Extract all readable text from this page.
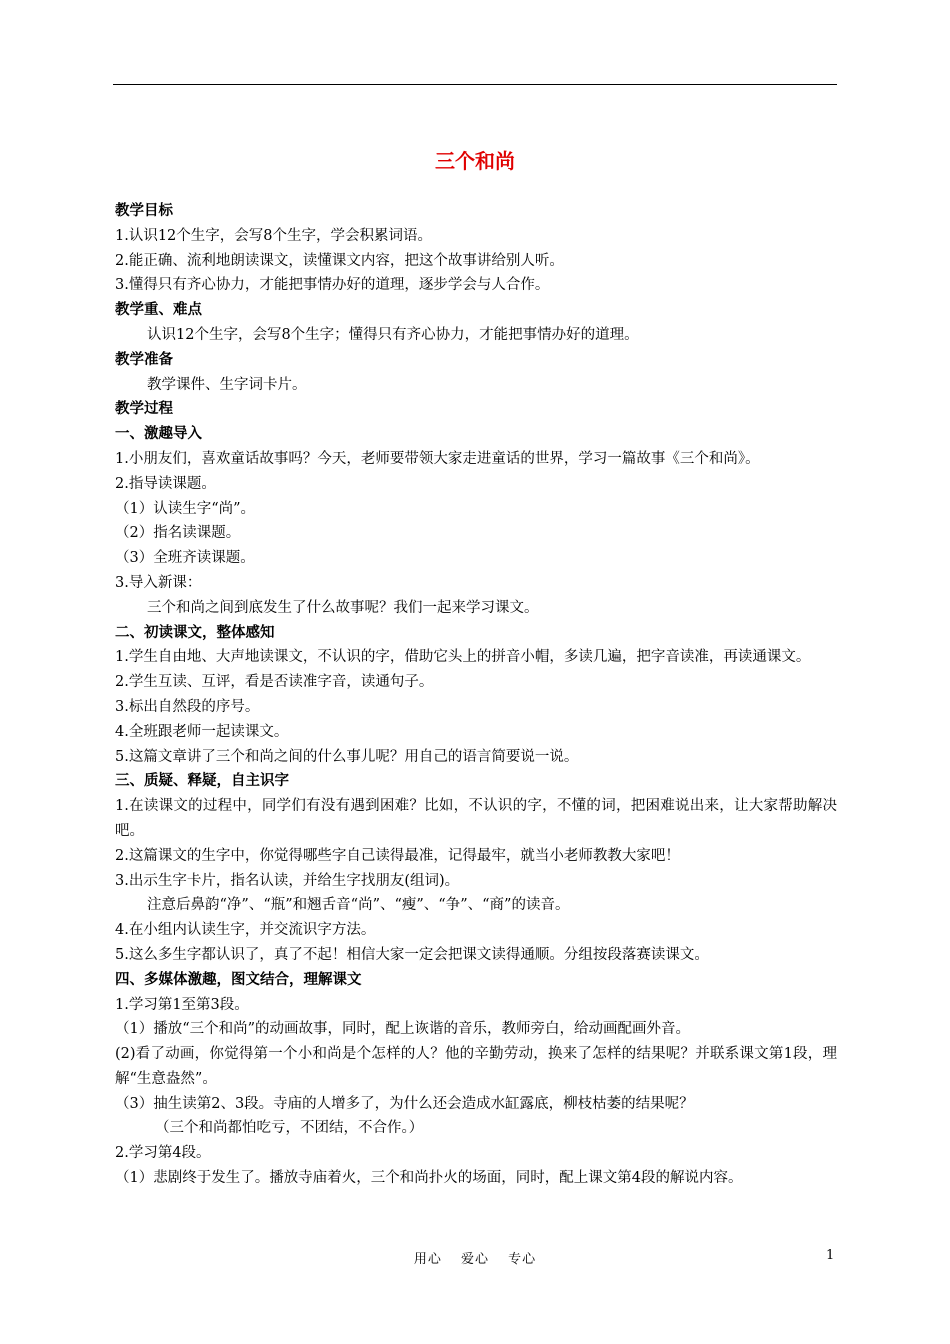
三个和尚
教学目标
1.认识12个生字，会写8个生字，学会积累词语。
2.能正确、流利地朗读课文，读懂课文内容，把这个故事讲给别人听。
3.懂得只有齐心协力，才能把事情办好的道理，逐步学会与人合作。
教学重、难点
认识12个生字，会写8个生字；懂得只有齐心协力，才能把事情办好的道理。
教学准备
教学课件、生字词卡片。
教学过程
一、激趣导入
1.小朋友们，喜欢童话故事吗？今天，老师要带领大家走进童话的世界，学习一篇故事《三个和尚》。
2.指导读课题。
（1）认读生字“尚”。
（2）指名读课题。
（3）全班齐读课题。
3.导入新课：
三个和尚之间到底发生了什么故事呢？我们一起来学习课文。
二、初读课文，整体感知
1.学生自由地、大声地读课文，不认识的字，借助它头上的拼音小帽，多读几遍，把字音读准，再读通课文。
2.学生互读、互评，看是否读准字音，读通句子。
3.标出自然段的序号。
4.全班跟老师一起读课文。
5.这篇文章讲了三个和尚之间的什么事儿呢？用自己的语言简要说一说。
三、质疑、释疑，自主识字
1.在读课文的过程中，同学们有没有遇到困难？比如，不认识的字，不懂的词，把困难说出来，让大家帮助解决吧。
2.这篇课文的生字中，你觉得哪些字自己读得最准，记得最牢，就当小老师教教大家吧！
3.出示生字卡片，指名认读，并给生字找朋友(组词)。
注意后鼻韵“净”、“瓶”和翘舌音“尚”、“瘦”、“争”、“商”的读音。
4.在小组内认读生字，并交流识字方法。
5.这么多生字都认识了，真了不起！相信大家一定会把课文读得通顺。分组按段落赛读课文。
四、多媒体激趣，图文结合，理解课文
1.学习第1至第3段。
（1）播放“三个和尚”的动画故事，同时，配上诙谐的音乐，教师旁白，给动画配画外音。
(2)看了动画，你觉得第一个小和尚是个怎样的人？他的辛勤劳动，换来了怎样的结果呢？并联系课文第1段，理解“生意盎然”。
（3）抽生读第2、3段。寺庙的人增多了，为什么还会造成水缸露底，柳枝枯萎的结果呢？
（三个和尚都怕吃亏，不团结，不合作。）
2.学习第4段。
（1）悲剧终于发生了。播放寺庙着火，三个和尚扑火的场面，同时，配上课文第4段的解说内容。
用心　 爱心　 专心	1
